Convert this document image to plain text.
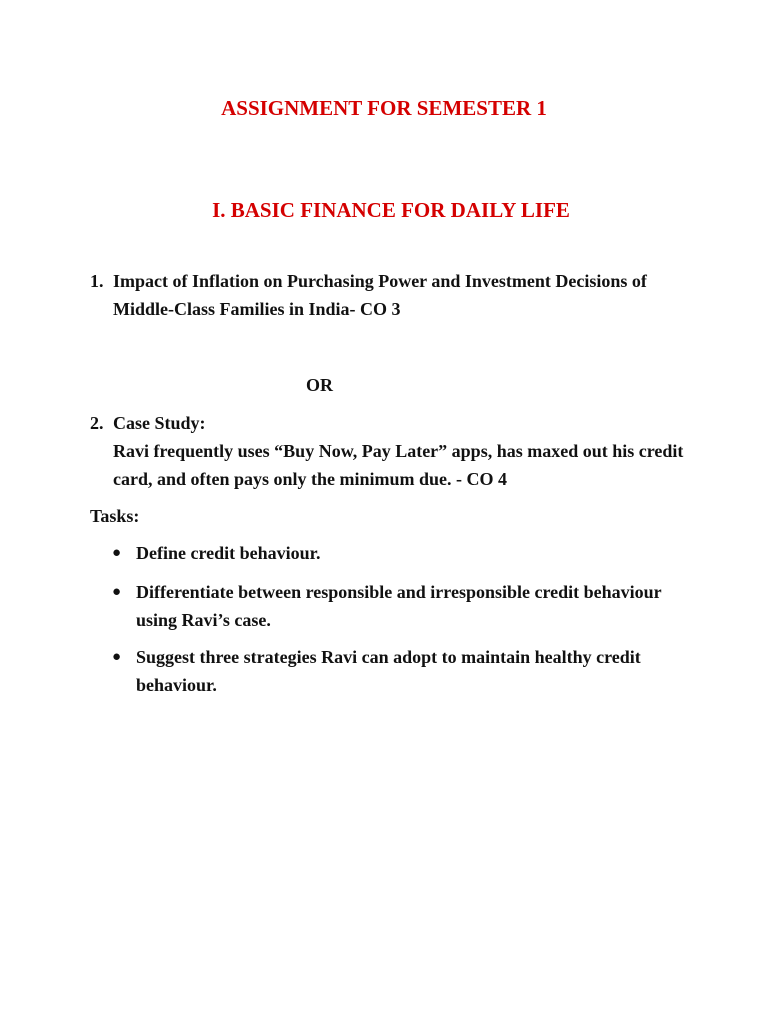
ASSIGNMENT FOR SEMESTER 1
I. BASIC FINANCE FOR DAILY LIFE
1. Impact of Inflation on Purchasing Power and Investment Decisions of Middle-Class Families in India- CO 3
OR
2. Case Study:
Ravi frequently uses “Buy Now, Pay Later” apps, has maxed out his credit card, and often pays only the minimum due. - CO 4
Tasks:
● Define credit behaviour.
● Differentiate between responsible and irresponsible credit behaviour using Ravi’s case.
● Suggest three strategies Ravi can adopt to maintain healthy credit behaviour.
